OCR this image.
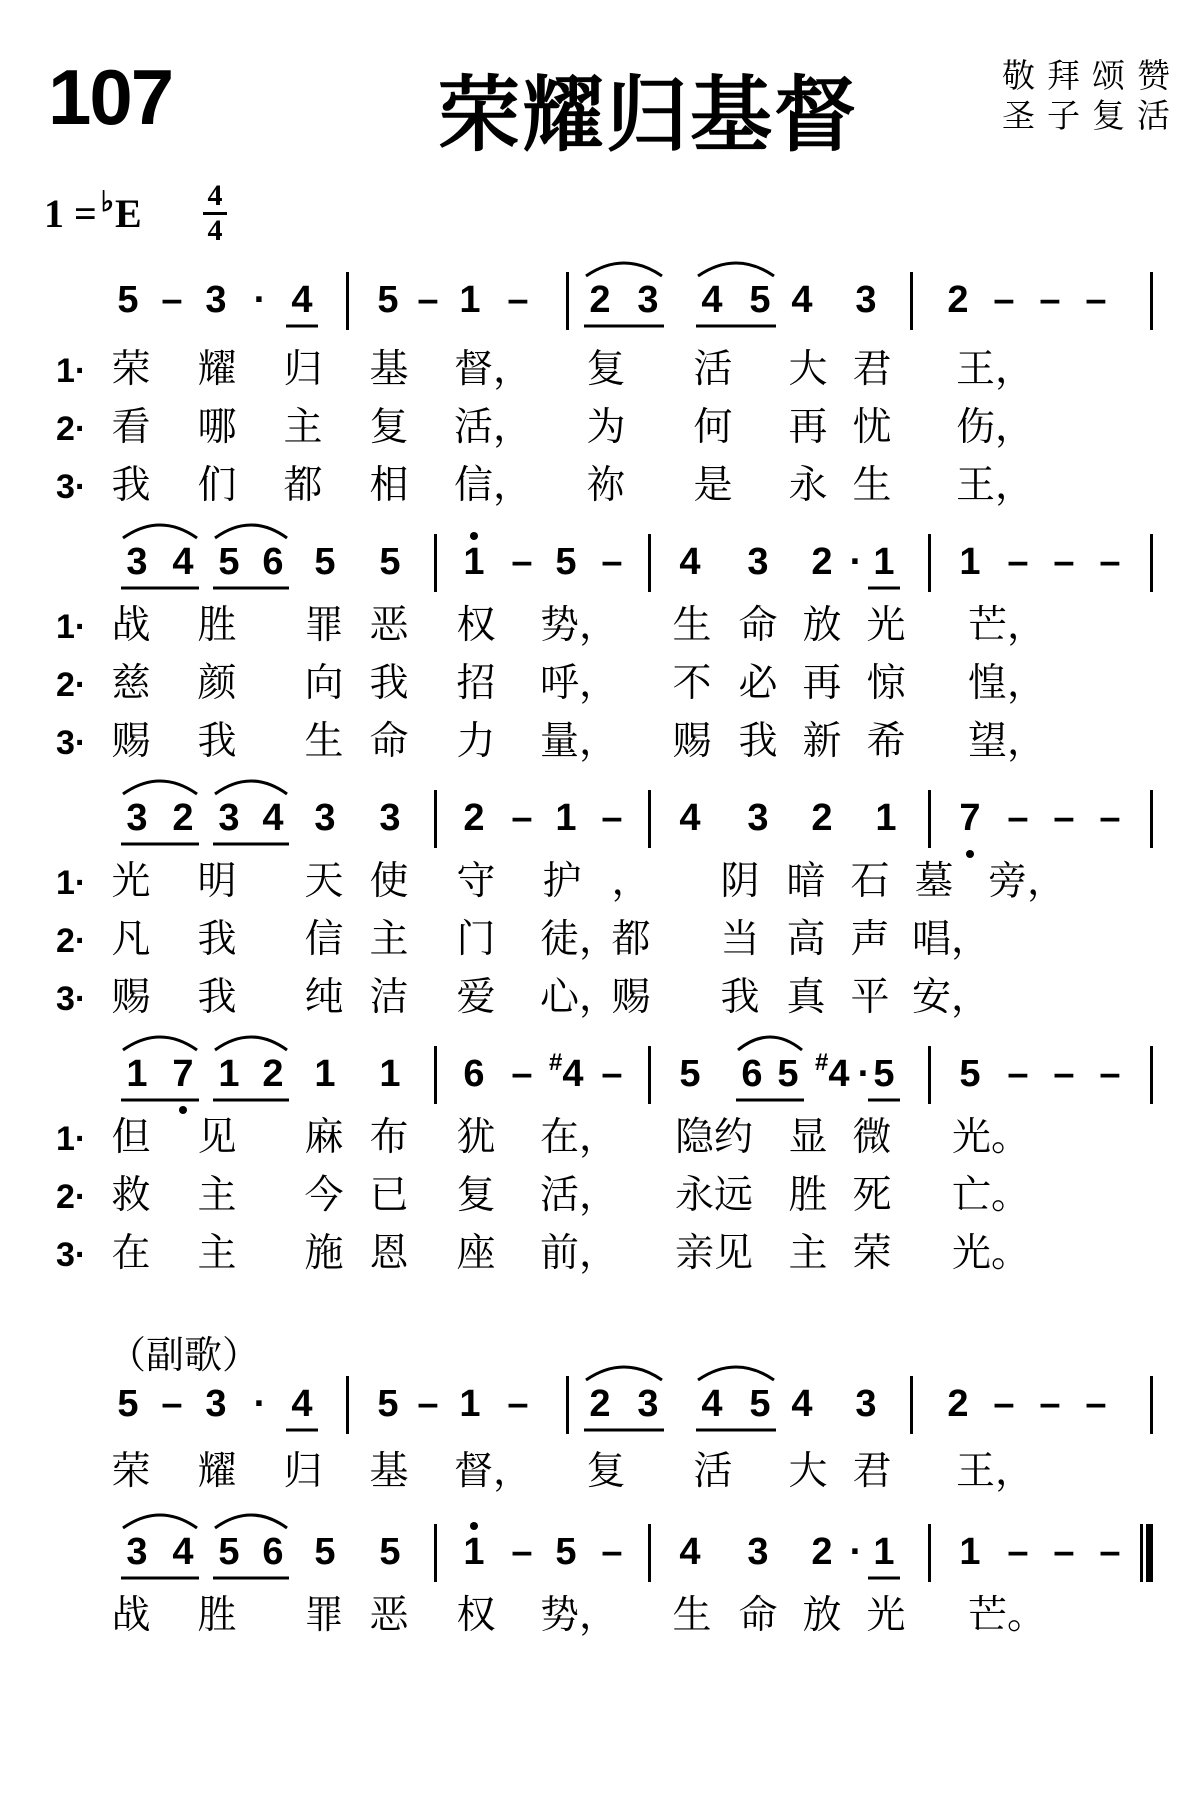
107	荣耀归基督	敬拜颂赞
圣子复活
1 = ♭E 4
4
（副歌）
5 – 3 · 4 5 – 1 – 2 3 4 5 4 3 2 – – –
1· 荣 耀 归 基 督， 复 活 大 君 王，
2· 看 哪 主 复 活， 为 何 再 忧 伤，
3· 我 们 都 相 信， 祢 是 永 生 王，
3 4 5 6 5 5 1 – 5 – 4 3 2 · 1 1 – – –
1· 战 胜 罪 恶 权 势， 生 命 放 光 芒，
2· 慈 颜 向 我 招 呼， 不 必 再 惊 惶，
3· 赐 我 生 命 力 量， 赐 我 新 希 望，
3 2 3 4 3 3 2 – 1 – 4 3 2 1 7 – – –
1· 光 明 天 使 守 护 ， 阴 暗 石 墓 旁，
2· 凡 我 信 主 门 徒，
都 当 高 声 唱，
3· 赐 我 纯 洁 爱 心，
赐 我 真 平 安，
1 7 1 2 1 1 6 – #4 – 5 6 5 #4 · 5 5 – – –
1· 但 见 麻 布 犹 在， 隐约 显 微 光。
2· 救 主 今 已 复 活， 永远 胜 死 亡。
3· 在 主 施 恩 座 前， 亲见 主 荣 光。
5 – 3 · 4 5 – 1 – 2 3 4 5 4 3 2 – – –
荣 耀 归 基 督， 复 活 大 君 王，
3 4 5 6 5 5 1 – 5 – 4 3 2 · 1 1 – – –
战 胜 罪 恶 权 势， 生 命 放 光 芒。
